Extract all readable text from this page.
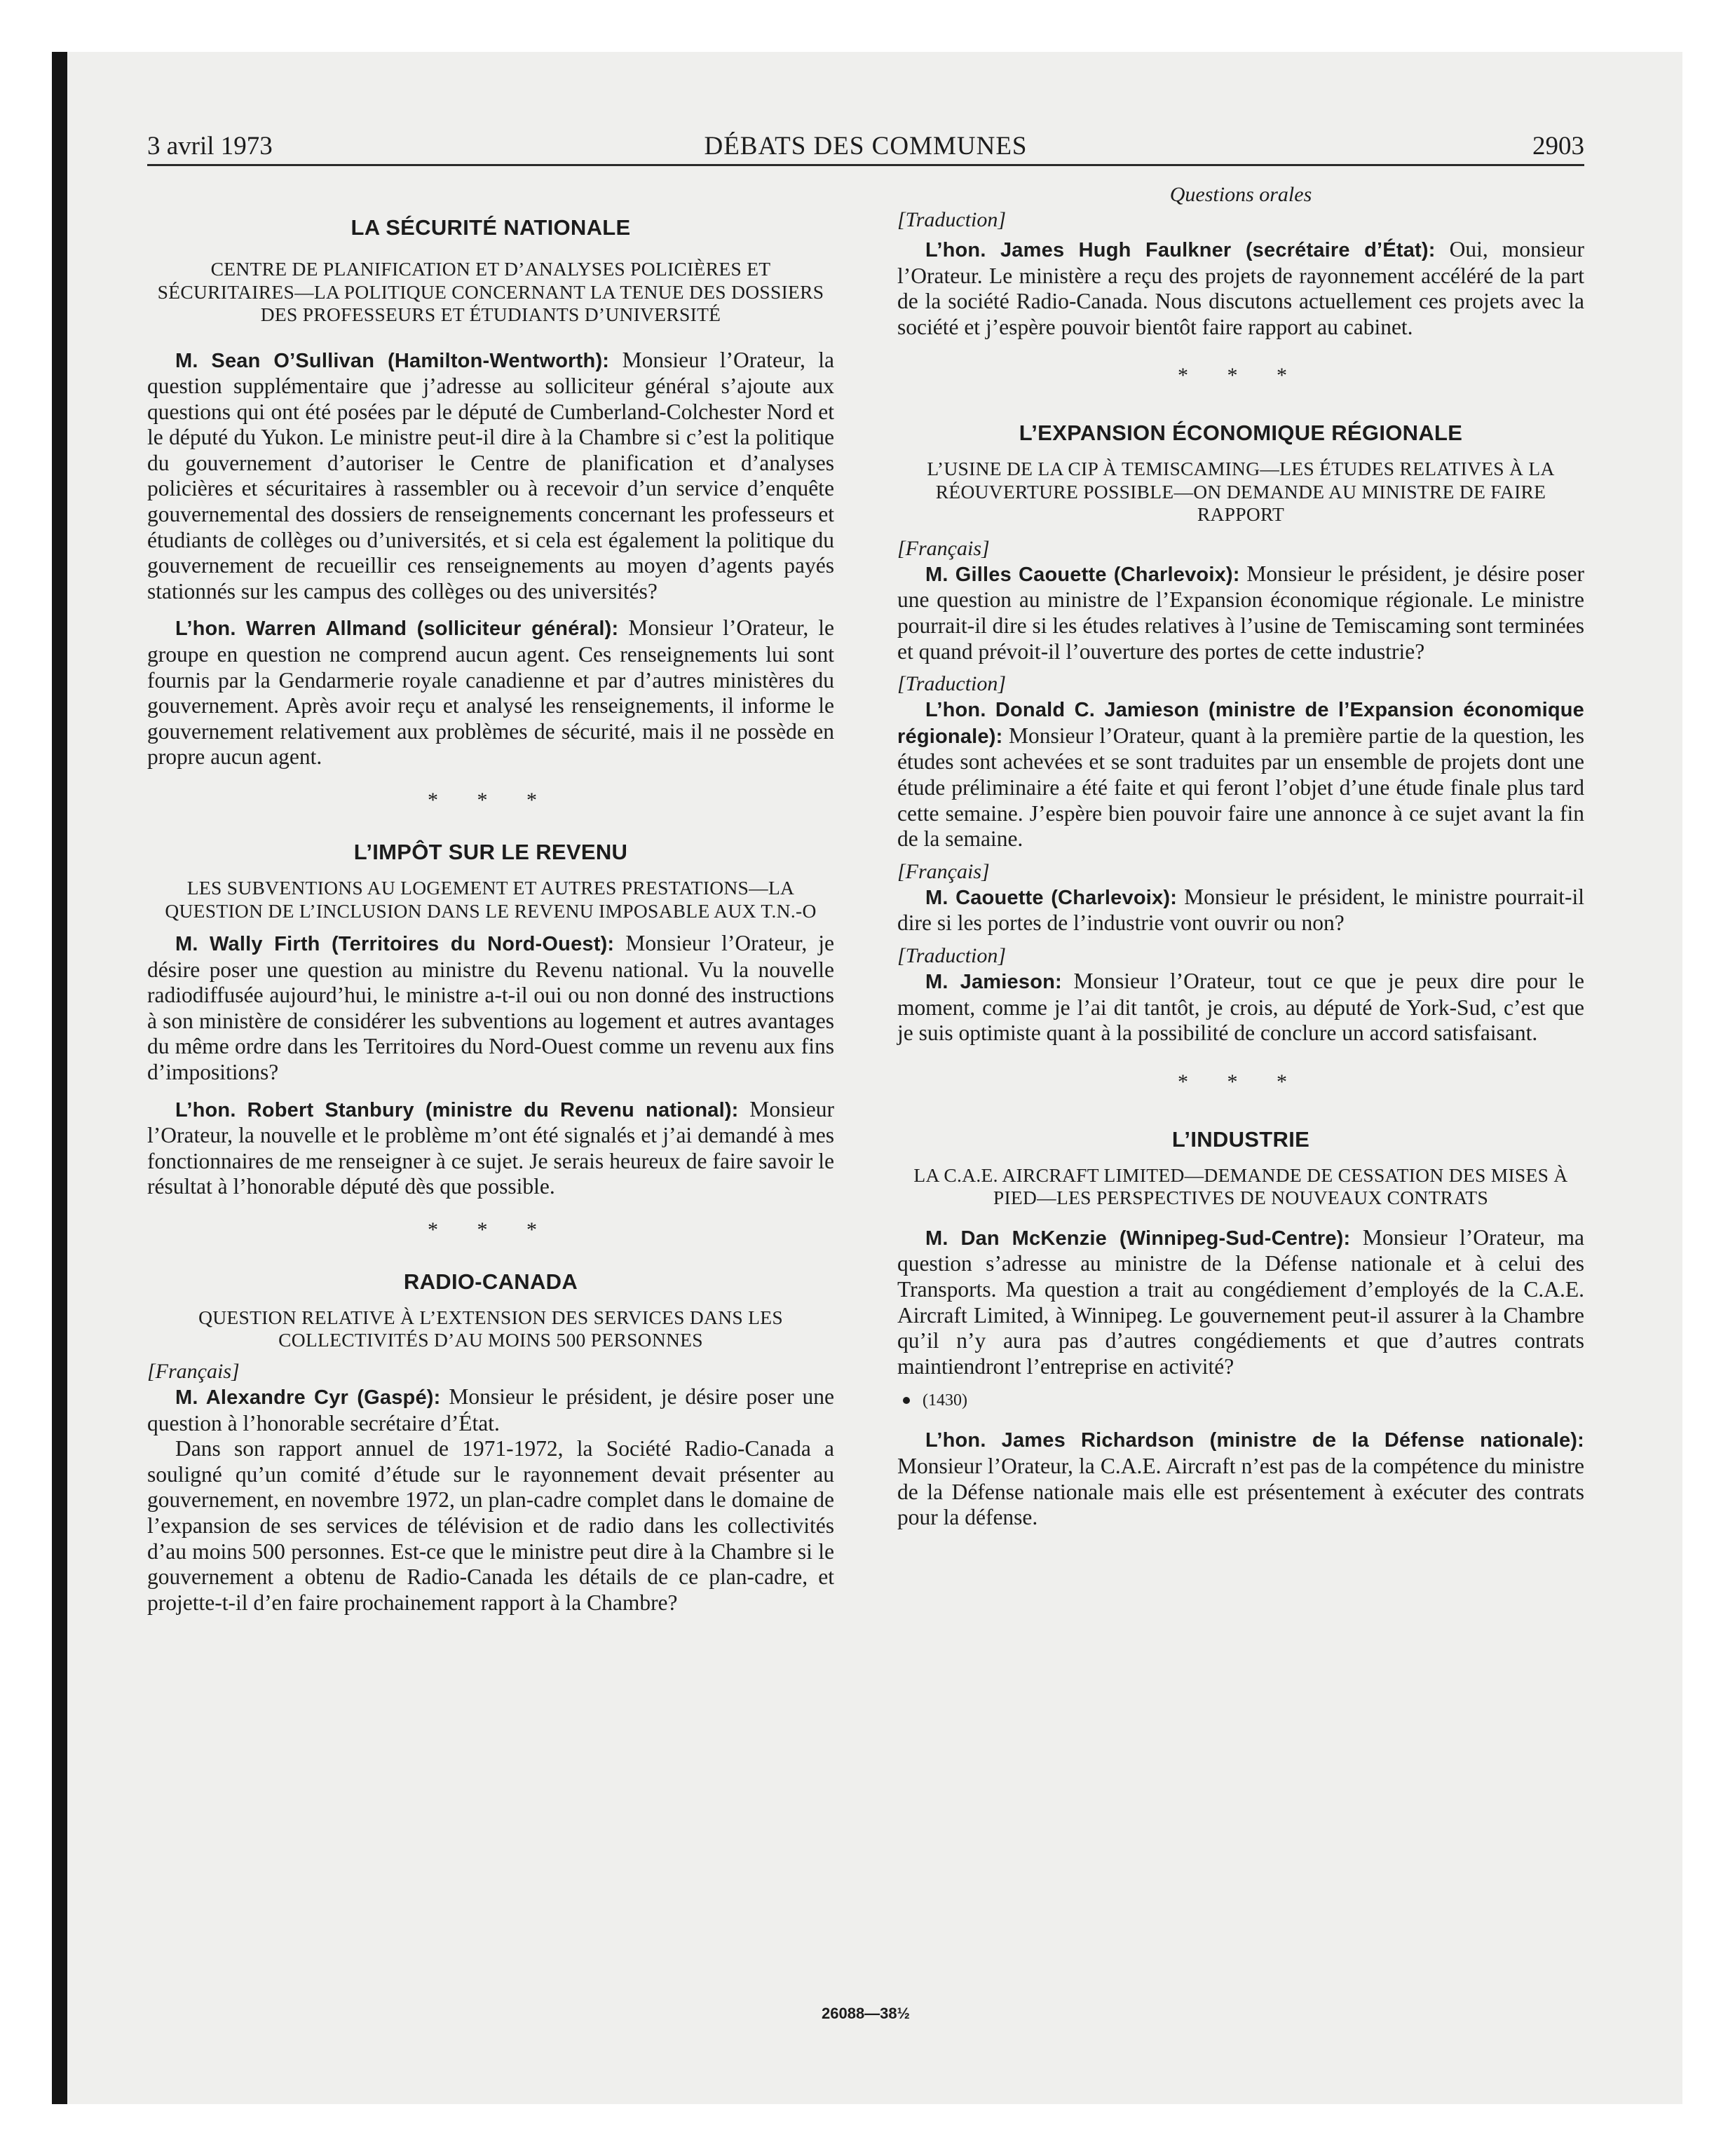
3 avril 1973	DÉBATS DES COMMUNES	2903
LA SÉCURITÉ NATIONALE
CENTRE DE PLANIFICATION ET D’ANALYSES POLICIÈRES ET SÉCURITAIRES—LA POLITIQUE CONCERNANT LA TENUE DES DOSSIERS DES PROFESSEURS ET ÉTUDIANTS D’UNIVERSITÉ

M. Sean O’Sullivan (Hamilton-Wentworth): Monsieur l’Orateur, la question supplémentaire que j’adresse au solliciteur général s’ajoute aux questions qui ont été posées par le député de Cumberland-Colchester Nord et le député du Yukon. Le ministre peut-il dire à la Chambre si c’est la politique du gouvernement d’autoriser le Centre de planification et d’analyses policières et sécuritaires à rassembler ou à recevoir d’un service d’enquête gouvernemental des dossiers de renseignements concernant les professeurs et étudiants de collèges ou d’universités, et si cela est également la politique du gouvernement de recueillir ces renseignements au moyen d’agents payés stationnés sur les campus des collèges ou des universités?

L’hon. Warren Allmand (solliciteur général): Monsieur l’Orateur, le groupe en question ne comprend aucun agent. Ces renseignements lui sont fournis par la Gendarmerie royale canadienne et par d’autres ministères du gouvernement. Après avoir reçu et analysé les renseignements, il informe le gouvernement relativement aux problèmes de sécurité, mais il ne possède en propre aucun agent.

* * *
L’IMPÔT SUR LE REVENU
LES SUBVENTIONS AU LOGEMENT ET AUTRES PRESTATIONS—LA QUESTION DE L’INCLUSION DANS LE REVENU IMPOSABLE AUX T.N.-O

M. Wally Firth (Territoires du Nord-Ouest): Monsieur l’Orateur, je désire poser une question au ministre du Revenu national. Vu la nouvelle radiodiffusée aujourd’hui, le ministre a-t-il oui ou non donné des instructions à son ministère de considérer les subventions au logement et autres avantages du même ordre dans les Territoires du Nord-Ouest comme un revenu aux fins d’impositions?

L’hon. Robert Stanbury (ministre du Revenu national): Monsieur l’Orateur, la nouvelle et le problème m’ont été signalés et j’ai demandé à mes fonctionnaires de me renseigner à ce sujet. Je serais heureux de faire savoir le résultat à l’honorable député dès que possible.

* * *
RADIO-CANADA
QUESTION RELATIVE À L’EXTENSION DES SERVICES DANS LES COLLECTIVITÉS D’AU MOINS 500 PERSONNES
[Français]

M. Alexandre Cyr (Gaspé): Monsieur le président, je désire poser une question à l’honorable secrétaire d’État.

Dans son rapport annuel de 1971-1972, la Société Radio-Canada a souligné qu’un comité d’étude sur le rayonnement devait présenter au gouvernement, en novembre 1972, un plan-cadre complet dans le domaine de l’expansion de ses services de télévision et de radio dans les collectivités d’au moins 500 personnes. Est-ce que le ministre peut dire à la Chambre si le gouvernement a obtenu de Radio-Canada les détails de ce plan-cadre, et projette-t-il d’en faire prochainement rapport à la Chambre?

Questions orales
[Traduction]

L’hon. James Hugh Faulkner (secrétaire d’État): Oui, monsieur l’Orateur. Le ministère a reçu des projets de rayonnement accéléré de la part de la société Radio-Canada. Nous discutons actuellement ces projets avec la société et j’espère pouvoir bientôt faire rapport au cabinet.

* * *
L’EXPANSION ÉCONOMIQUE RÉGIONALE
L’USINE DE LA CIP À TEMISCAMING—LES ÉTUDES RELATIVES À LA RÉOUVERTURE POSSIBLE—ON DEMANDE AU MINISTRE DE FAIRE RAPPORT
[Français]

M. Gilles Caouette (Charlevoix): Monsieur le président, je désire poser une question au ministre de l’Expansion économique régionale. Le ministre pourrait-il dire si les études relatives à l’usine de Temiscaming sont terminées et quand prévoit-il l’ouverture des portes de cette industrie?

[Traduction]

L’hon. Donald C. Jamieson (ministre de l’Expansion économique régionale): Monsieur l’Orateur, quant à la première partie de la question, les études sont achevées et se sont traduites par un ensemble de projets dont une étude préliminaire a été faite et qui feront l’objet d’une étude finale plus tard cette semaine. J’espère bien pouvoir faire une annonce à ce sujet avant la fin de la semaine.

[Français]

M. Caouette (Charlevoix): Monsieur le président, le ministre pourrait-il dire si les portes de l’industrie vont ouvrir ou non?

[Traduction]

M. Jamieson: Monsieur l’Orateur, tout ce que je peux dire pour le moment, comme je l’ai dit tantôt, je crois, au député de York-Sud, c’est que je suis optimiste quant à la possibilité de conclure un accord satisfaisant.

* * *
L’INDUSTRIE
LA C.A.E. AIRCRAFT LIMITED—DEMANDE DE CESSATION DES MISES À PIED—LES PERSPECTIVES DE NOUVEAUX CONTRATS

M. Dan McKenzie (Winnipeg-Sud-Centre): Monsieur l’Orateur, ma question s’adresse au ministre de la Défense nationale et à celui des Transports. Ma question a trait au congédiement d’employés de la C.A.E. Aircraft Limited, à Winnipeg. Le gouvernement peut-il assurer à la Chambre qu’il n’y aura pas d’autres congédiements et que d’autres contrats maintiendront l’entreprise en activité?

(1430)

L’hon. James Richardson (ministre de la Défense nationale): Monsieur l’Orateur, la C.A.E. Aircraft n’est pas de la compétence du ministre de la Défense nationale mais elle est présentement à exécuter des contrats pour la défense.

26088—38½
